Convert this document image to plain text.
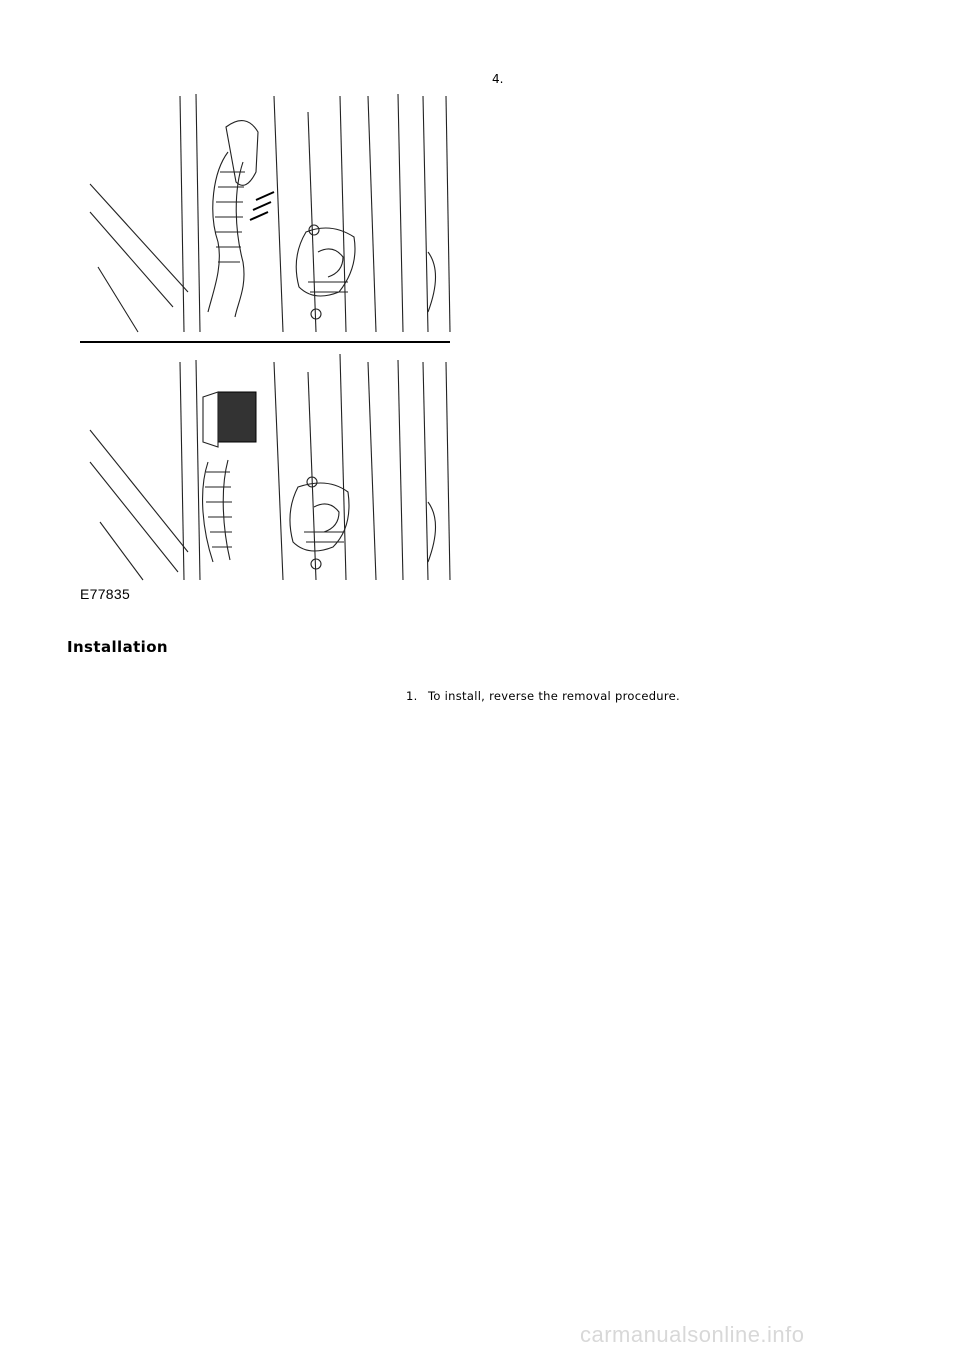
4.
E77835
Installation
1. To install, reverse the removal procedure.
carmanualsonline.info
